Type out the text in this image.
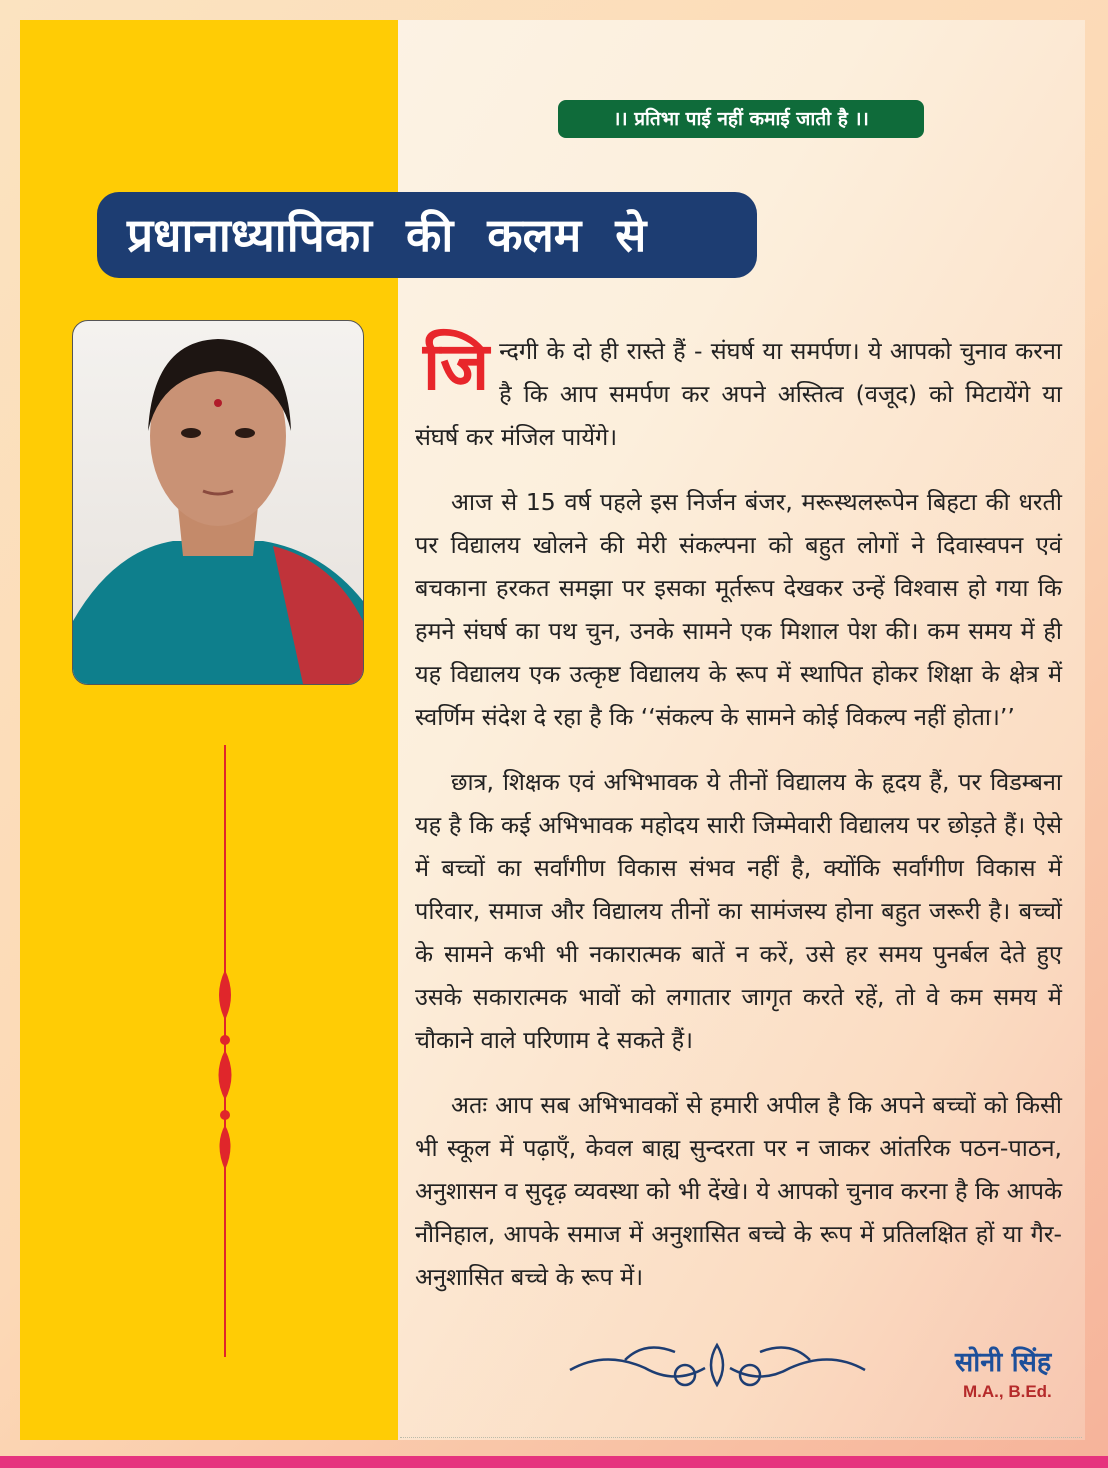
।। प्रतिभा पाई नहीं कमाई जाती है ।।
प्रधानाध्यापिका की कलम से

जिन्दगी के दो ही रास्ते हैं - संघर्ष या समर्पण। ये आपको चुनाव करना है कि आप समर्पण कर अपने अस्तित्व (वजूद) को मिटायेंगे या संघर्ष कर मंजिल पायेंगे।

आज से 15 वर्ष पहले इस निर्जन बंजर, मरूस्थलरूपेन बिहटा की धरती पर विद्यालय खोलने की मेरी संकल्पना को बहुत लोगों ने दिवास्वपन एवं बचकाना हरकत समझा पर इसका मूर्तरूप देखकर उन्हें विश्वास हो गया कि हमने संघर्ष का पथ चुन, उनके सामने एक मिशाल पेश की। कम समय में ही यह विद्यालय एक उत्कृष्ट विद्यालय के रूप में स्थापित होकर शिक्षा के क्षेत्र में स्वर्णिम संदेश दे रहा है कि ‘‘संकल्प के सामने कोई विकल्प नहीं होता।’’

छात्र, शिक्षक एवं अभिभावक ये तीनों विद्यालय के हृदय हैं, पर विडम्बना यह है कि कई अभिभावक महोदय सारी जिम्मेवारी विद्यालय पर छोड़ते हैं। ऐसे में बच्चों का सर्वांगीण विकास संभव नहीं है, क्योंकि सर्वांगीण विकास में परिवार, समाज और विद्यालय तीनों का सामंजस्य होना बहुत जरूरी है। बच्चों के सामने कभी भी नकारात्मक बातें न करें, उसे हर समय पुनर्बल देते हुए उसके सकारात्मक भावों को लगातार जागृत करते रहें, तो वे कम समय में चौकाने वाले परिणाम दे सकते हैं।

अतः आप सब अभिभावकों से हमारी अपील है कि अपने बच्चों को किसी भी स्कूल में पढ़ाएँ, केवल बाह्य सुन्दरता पर न जाकर आंतरिक पठन-पाठन, अनुशासन व सुदृढ़ व्यवस्था को भी देंखे। ये आपको चुनाव करना है कि आपके नौनिहाल, आपके समाज में अनुशासित बच्चे के रूप में प्रतिलक्षित हों या गैर-अनुशासित बच्चे के रूप में।

सोनी सिंह
M.A., B.Ed.
